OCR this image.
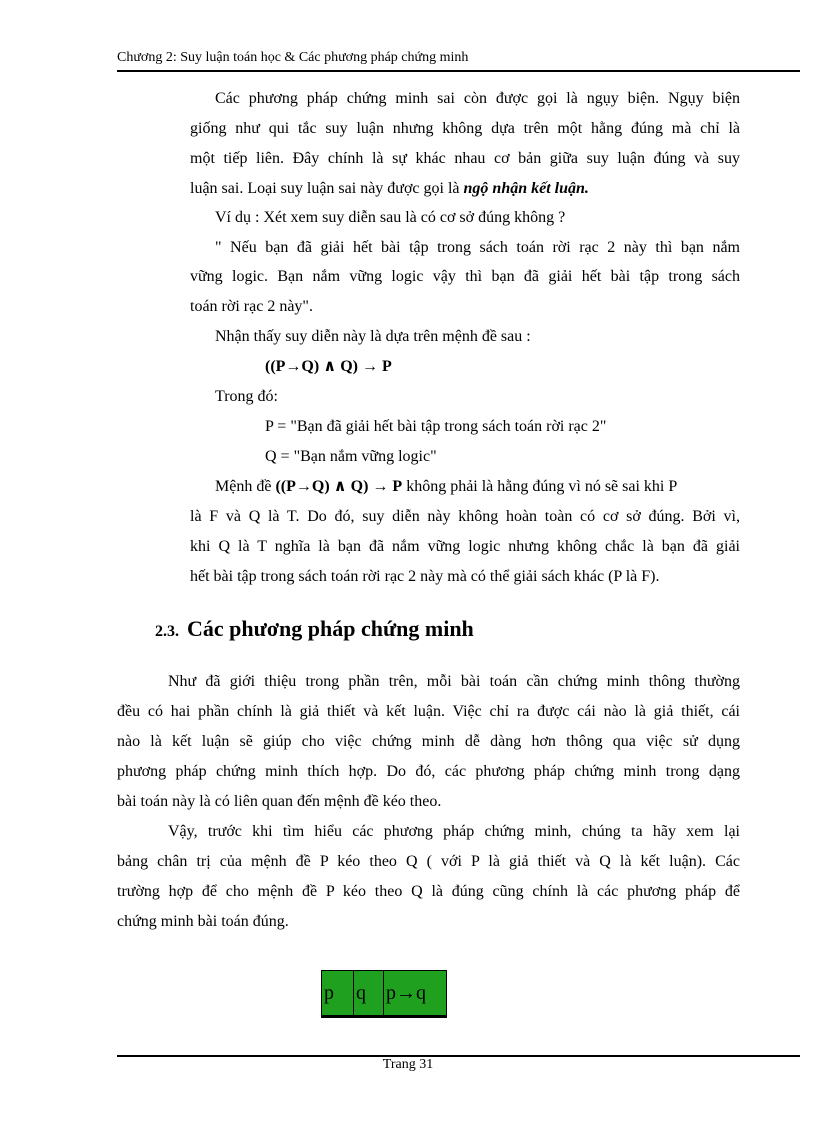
Chương 2: Suy luận toán học & Các phương pháp chứng minh
Các phương pháp chứng minh sai còn được gọi là ngụy biện. Ngụy biện
giống như qui tắc suy luận nhưng không dựa trên một hằng đúng mà chỉ là
một tiếp liên. Đây chính là sự khác nhau cơ bản giữa suy luận đúng và suy
luận sai. Loại suy luận sai này được gọi là ngộ nhận kết luận.
Ví dụ : Xét xem suy diễn sau là có cơ sở đúng không ?
" Nếu bạn đã giải hết bài tập trong sách toán rời rạc 2 này thì bạn nắm
vững logic. Bạn nắm vững logic vậy thì bạn đã giải hết bài tập trong sách
toán rời rạc 2 này".
Nhận thấy suy diễn này là dựa trên mệnh đề sau :
((P→Q) ∧ Q) → P
Trong đó:
P = "Bạn đã giải hết bài tập trong sách toán rời rạc 2"
Q = "Bạn nắm vững logic"
Mệnh đề ((P→Q) ∧ Q) → P không phải là hằng đúng vì nó sẽ sai khi P
là F và Q là T. Do đó, suy diễn này không hoàn toàn có cơ sở đúng. Bởi vì,
khi Q là T nghĩa là bạn đã nắm vững logic nhưng không chắc là bạn đã giải
hết bài tập trong sách toán rời rạc 2 này mà có thể giải sách khác (P là F).
2.3. Các phương pháp chứng minh
Như đã giới thiệu trong phần trên, mỗi bài toán cần chứng minh thông thường
đều có hai phần chính là giả thiết và kết luận. Việc chỉ ra được cái nào là giả thiết, cái
nào là kết luận sẽ giúp cho việc chứng minh dễ dàng hơn thông qua việc sử dụng
phương pháp chứng minh thích hợp. Do đó, các phương pháp chứng minh trong dạng
bài toán này là có liên quan đến mệnh đề kéo theo.
Vậy, trước khi tìm hiểu các phương pháp chứng minh, chúng ta hãy xem lại
bảng chân trị của mệnh đề P kéo theo Q ( với P là giả thiết và Q là kết luận). Các
trường hợp để cho mệnh đề P kéo theo Q là đúng cũng chính là các phương pháp để
chứng minh bài toán đúng.
p	q	p→q
Trang 31
